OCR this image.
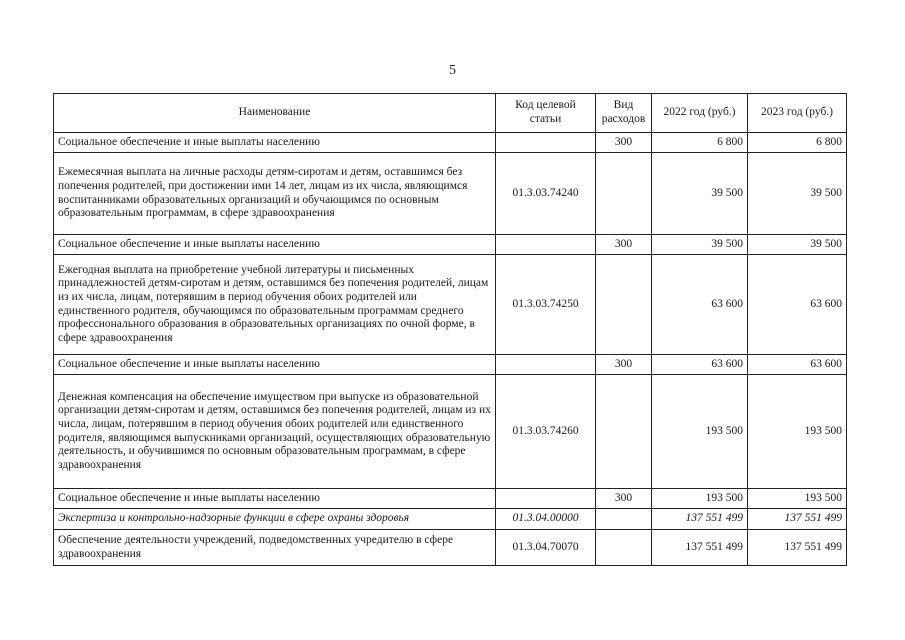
5
Наименование	Код целевой статьи	Вид расходов	2022 год (руб.)	2023 год (руб.)
Социальное обеспечение и иные выплаты населению		300	6 800	6 800
Ежемесячная выплата на личные расходы детям-сиротам и детям, оставшимся без попечения родителей, при достижении ими 14 лет, лицам из их числа, являющимся воспитанниками образовательных организаций и обучающимся по основным образовательным программам, в сфере здравоохранения	01.3.03.74240		39 500	39 500
Социальное обеспечение и иные выплаты населению		300	39 500	39 500
Ежегодная выплата на приобретение учебной литературы и письменных принадлежностей детям-сиротам и детям, оставшимся без попечения родителей, лицам из их числа, лицам, потерявшим в период обучения обоих родителей или единственного родителя, обучающимся по образовательным программам среднего профессионального образования в образовательных организациях по очной форме, в сфере здравоохранения	01.3.03.74250		63 600	63 600
Социальное обеспечение и иные выплаты населению		300	63 600	63 600
Денежная компенсация на обеспечение имуществом при выпуске из образовательной организации детям-сиротам и детям, оставшимся без попечения родителей, лицам из их числа, лицам, потерявшим в период обучения обоих родителей или единственного родителя, являющимся выпускниками организаций, осуществляющих образовательную деятельность, и обучившимся по основным образовательным программам, в сфере здравоохранения	01.3.03.74260		193 500	193 500
Социальное обеспечение и иные выплаты населению		300	193 500	193 500
Экспертиза и контрольно-надзорные функции в сфере охраны здоровья	01.3.04.00000		137 551 499	137 551 499
Обеспечение деятельности учреждений, подведомственных учредителю в сфере здравоохранения	01.3.04.70070		137 551 499	137 551 499
